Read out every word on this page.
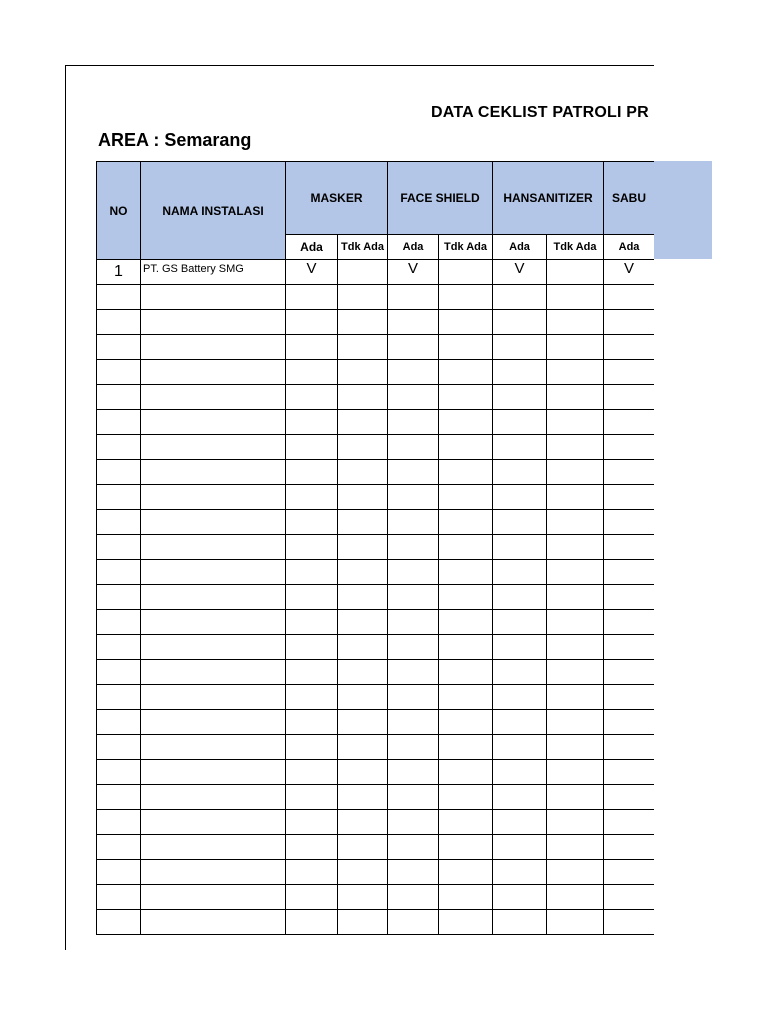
DATA CEKLIST PATROLI PR
AREA : Semarang
NO	NAMA INSTALASI	MASKER		FACE SHIELD		HANSANITIZER		SABU
		Ada	Tdk Ada	Ada	Tdk Ada	Ada	Tdk Ada	Ada
1	PT. GS Battery SMG	V		V		V		V
